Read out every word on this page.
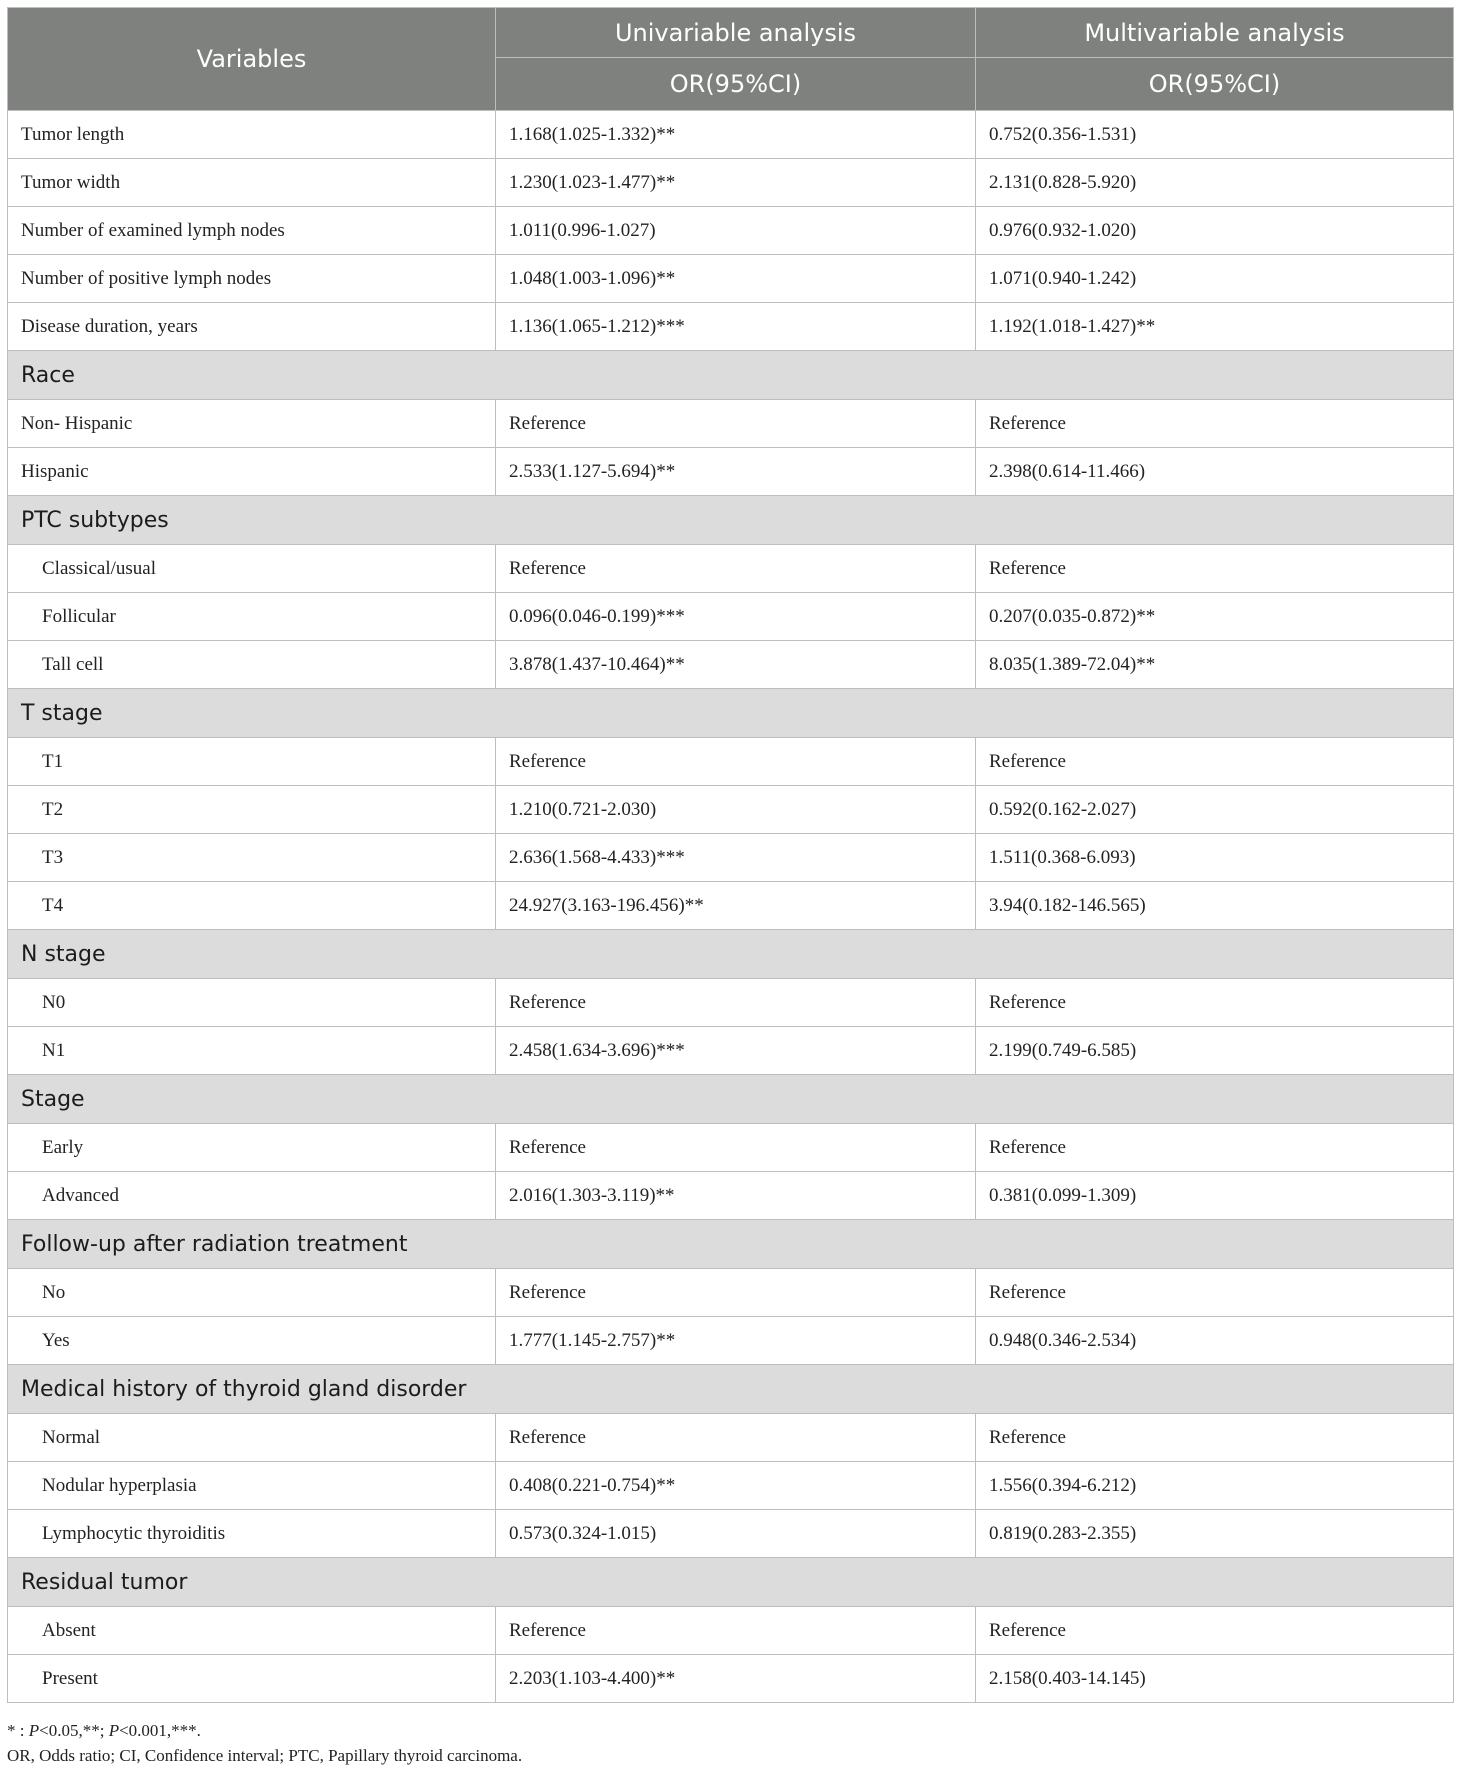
Variables	Univariable analysis	Multivariable analysis
	OR(95%CI)	OR(95%CI)
Tumor length	1.168(1.025-1.332)**	0.752(0.356-1.531)
Tumor width	1.230(1.023-1.477)**	2.131(0.828-5.920)
Number of examined lymph nodes	1.011(0.996-1.027)	0.976(0.932-1.020)
Number of positive lymph nodes	1.048(1.003-1.096)**	1.071(0.940-1.242)
Disease duration, years	1.136(1.065-1.212)***	1.192(1.018-1.427)**
Race		
Non- Hispanic	Reference	Reference
Hispanic	2.533(1.127-5.694)**	2.398(0.614-11.466)
PTC subtypes		
Classical/usual	Reference	Reference
Follicular	0.096(0.046-0.199)***	0.207(0.035-0.872)**
Tall cell	3.878(1.437-10.464)**	8.035(1.389-72.04)**
T stage		
T1	Reference	Reference
T2	1.210(0.721-2.030)	0.592(0.162-2.027)
T3	2.636(1.568-4.433)***	1.511(0.368-6.093)
T4	24.927(3.163-196.456)**	3.94(0.182-146.565)
N stage		
N0	Reference	Reference
N1	2.458(1.634-3.696)***	2.199(0.749-6.585)
Stage		
Early	Reference	Reference
Advanced	2.016(1.303-3.119)**	0.381(0.099-1.309)
Follow-up after radiation treatment		
No	Reference	Reference
Yes	1.777(1.145-2.757)**	0.948(0.346-2.534)
Medical history of thyroid gland disorder		
Normal	Reference	Reference
Nodular hyperplasia	0.408(0.221-0.754)**	1.556(0.394-6.212)
Lymphocytic thyroiditis	0.573(0.324-1.015)	0.819(0.283-2.355)
Residual tumor		
Absent	Reference	Reference
Present	2.203(1.103-4.400)**	2.158(0.403-14.145)
* : P<0.05,**; P<0.001,***.
OR, Odds ratio; CI, Confidence interval; PTC, Papillary thyroid carcinoma.
